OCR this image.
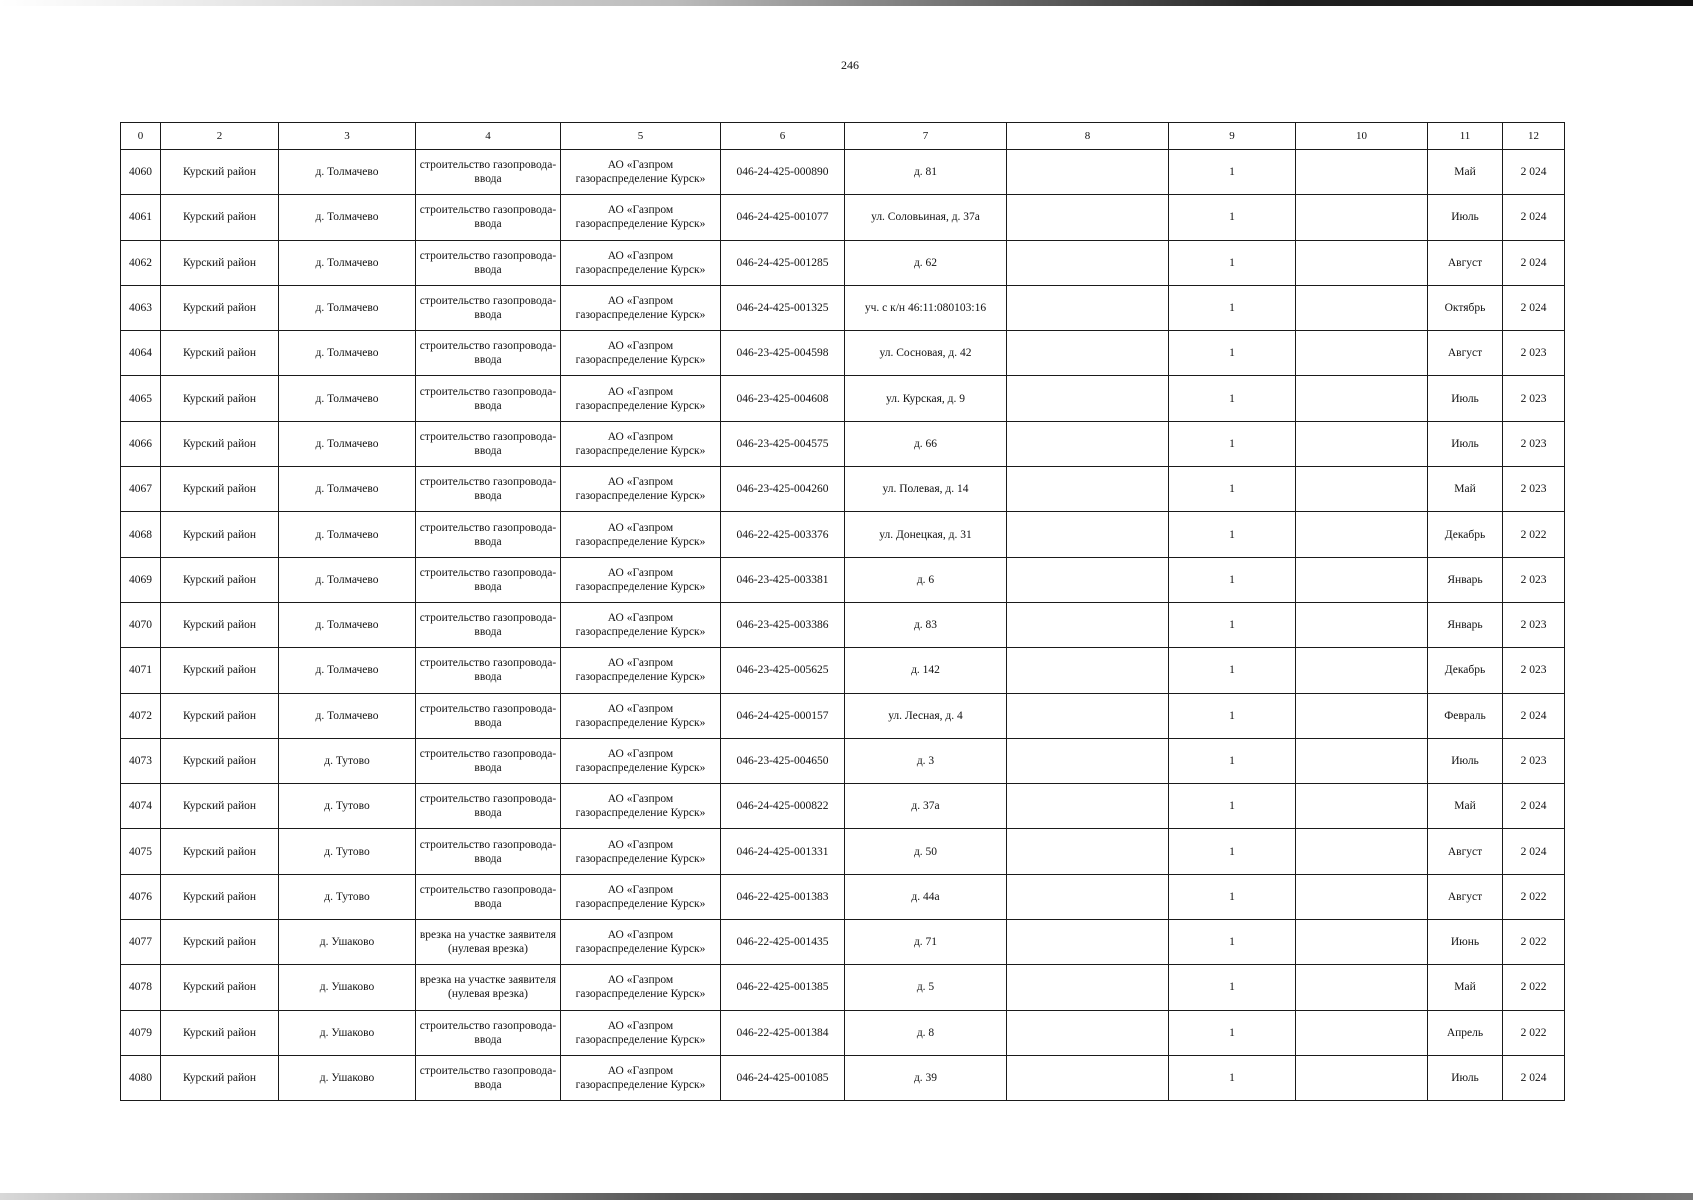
246
0	2	3	4	5	6	7	8	9	10	11	12
4060	Курский район	д. Толмачево	строительство газопровода-ввода	АО «Газпром газораспределение Курск»	046-24-425-000890	д. 81		1		Май	2 024
4061	Курский район	д. Толмачево	строительство газопровода-ввода	АО «Газпром газораспределение Курск»	046-24-425-001077	ул. Соловьиная, д. 37а		1		Июль	2 024
4062	Курский район	д. Толмачево	строительство газопровода-ввода	АО «Газпром газораспределение Курск»	046-24-425-001285	д. 62		1		Август	2 024
4063	Курский район	д. Толмачево	строительство газопровода-ввода	АО «Газпром газораспределение Курск»	046-24-425-001325	уч. с к/н 46:11:080103:16		1		Октябрь	2 024
4064	Курский район	д. Толмачево	строительство газопровода-ввода	АО «Газпром газораспределение Курск»	046-23-425-004598	ул. Сосновая, д. 42		1		Август	2 023
4065	Курский район	д. Толмачево	строительство газопровода-ввода	АО «Газпром газораспределение Курск»	046-23-425-004608	ул. Курская, д. 9		1		Июль	2 023
4066	Курский район	д. Толмачево	строительство газопровода-ввода	АО «Газпром газораспределение Курск»	046-23-425-004575	д. 66		1		Июль	2 023
4067	Курский район	д. Толмачево	строительство газопровода-ввода	АО «Газпром газораспределение Курск»	046-23-425-004260	ул. Полевая, д. 14		1		Май	2 023
4068	Курский район	д. Толмачево	строительство газопровода-ввода	АО «Газпром газораспределение Курск»	046-22-425-003376	ул. Донецкая, д. 31		1		Декабрь	2 022
4069	Курский район	д. Толмачево	строительство газопровода-ввода	АО «Газпром газораспределение Курск»	046-23-425-003381	д. 6		1		Январь	2 023
4070	Курский район	д. Толмачево	строительство газопровода-ввода	АО «Газпром газораспределение Курск»	046-23-425-003386	д. 83		1		Январь	2 023
4071	Курский район	д. Толмачево	строительство газопровода-ввода	АО «Газпром газораспределение Курск»	046-23-425-005625	д. 142		1		Декабрь	2 023
4072	Курский район	д. Толмачево	строительство газопровода-ввода	АО «Газпром газораспределение Курск»	046-24-425-000157	ул. Лесная, д. 4		1		Февраль	2 024
4073	Курский район	д. Тутово	строительство газопровода-ввода	АО «Газпром газораспределение Курск»	046-23-425-004650	д. 3		1		Июль	2 023
4074	Курский район	д. Тутово	строительство газопровода-ввода	АО «Газпром газораспределение Курск»	046-24-425-000822	д. 37а		1		Май	2 024
4075	Курский район	д. Тутово	строительство газопровода-ввода	АО «Газпром газораспределение Курск»	046-24-425-001331	д. 50		1		Август	2 024
4076	Курский район	д. Тутово	строительство газопровода-ввода	АО «Газпром газораспределение Курск»	046-22-425-001383	д. 44а		1		Август	2 022
4077	Курский район	д. Ушаково	врезка на участке заявителя (нулевая врезка)	АО «Газпром газораспределение Курск»	046-22-425-001435	д. 71		1		Июнь	2 022
4078	Курский район	д. Ушаково	врезка на участке заявителя (нулевая врезка)	АО «Газпром газораспределение Курск»	046-22-425-001385	д. 5		1		Май	2 022
4079	Курский район	д. Ушаково	строительство газопровода-ввода	АО «Газпром газораспределение Курск»	046-22-425-001384	д. 8		1		Апрель	2 022
4080	Курский район	д. Ушаково	строительство газопровода-ввода	АО «Газпром газораспределение Курск»	046-24-425-001085	д. 39		1		Июль	2 024
